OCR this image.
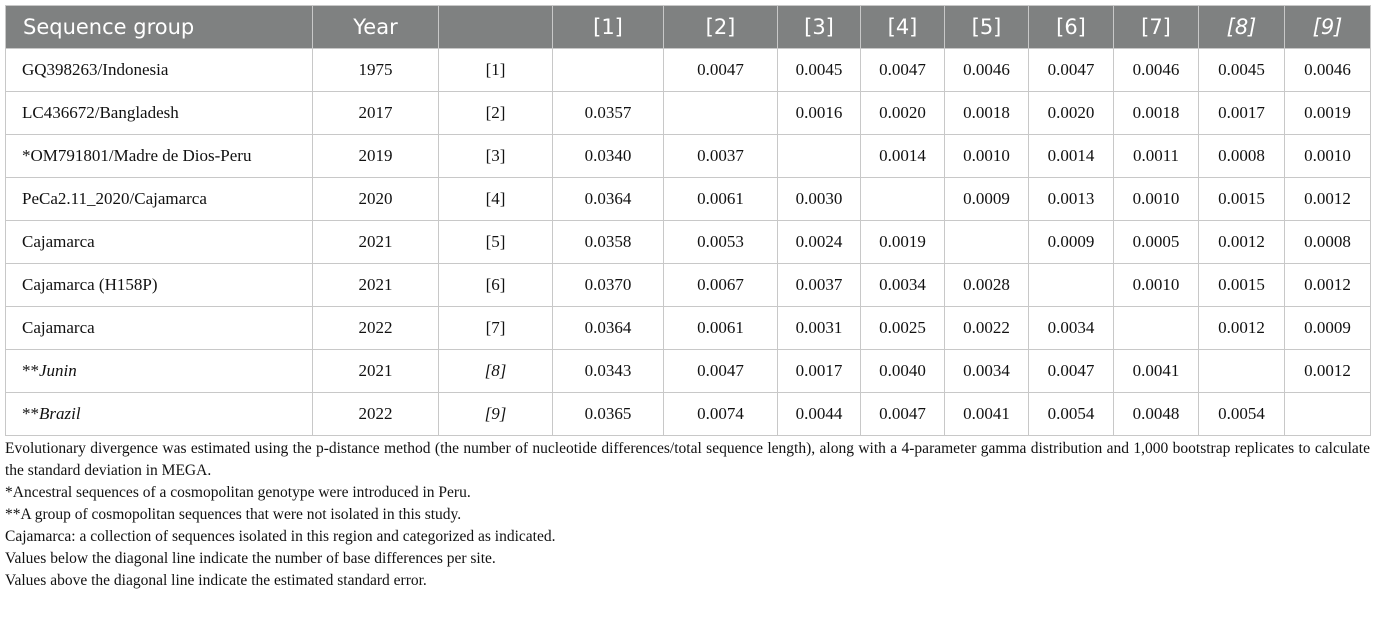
Sequence group	Year		[1]	[2]	[3]	[4]	[5]	[6]	[7]	[8]	[9]
GQ398263/Indonesia	1975	[1]		0.0047	0.0045	0.0047	0.0046	0.0047	0.0046	0.0045	0.0046
LC436672/Bangladesh	2017	[2]	0.0357		0.0016	0.0020	0.0018	0.0020	0.0018	0.0017	0.0019
*OM791801/Madre de Dios-Peru	2019	[3]	0.0340	0.0037		0.0014	0.0010	0.0014	0.0011	0.0008	0.0010
PeCa2.11_2020/Cajamarca	2020	[4]	0.0364	0.0061	0.0030		0.0009	0.0013	0.0010	0.0015	0.0012
Cajamarca	2021	[5]	0.0358	0.0053	0.0024	0.0019		0.0009	0.0005	0.0012	0.0008
Cajamarca (H158P)	2021	[6]	0.0370	0.0067	0.0037	0.0034	0.0028		0.0010	0.0015	0.0012
Cajamarca	2022	[7]	0.0364	0.0061	0.0031	0.0025	0.0022	0.0034		0.0012	0.0009
**Junin	2021	[8]	0.0343	0.0047	0.0017	0.0040	0.0034	0.0047	0.0041		0.0012
**Brazil	2022	[9]	0.0365	0.0074	0.0044	0.0047	0.0041	0.0054	0.0048	0.0054	

Evolutionary divergence was estimated using the p-distance method (the number of nucleotide differences/total sequence length), along with a 4-parameter gamma distribution and 1,000 bootstrap replicates to calculate the standard deviation in MEGA.

*Ancestral sequences of a cosmopolitan genotype were introduced in Peru.

**A group of cosmopolitan sequences that were not isolated in this study.

Cajamarca: a collection of sequences isolated in this region and categorized as indicated.

Values below the diagonal line indicate the number of base differences per site.

Values above the diagonal line indicate the estimated standard error.
